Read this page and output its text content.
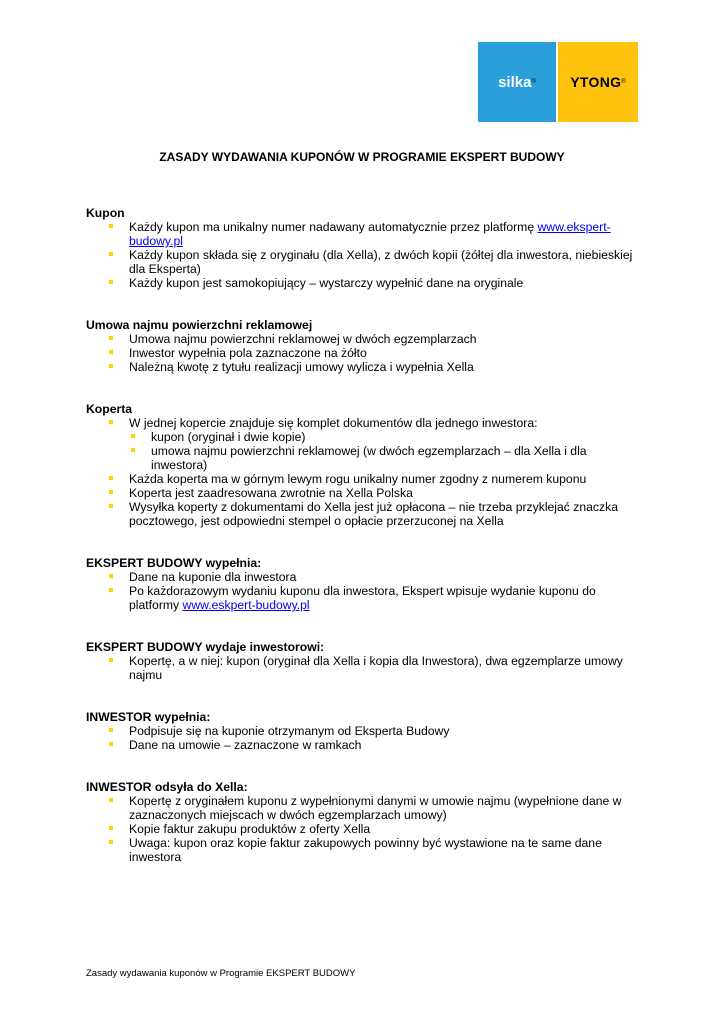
silka ® YTONG ®
ZASADY WYDAWANIA KUPONÓW W PROGRAMIE EKSPERT BUDOWY
Kupon
Każdy kupon ma unikalny numer nadawany automatycznie przez platformę www.ekspert-budowy.pl
Każdy kupon składa się z oryginału (dla Xella), z dwóch kopii (żółtej dla inwestora, niebieskiej dla Eksperta)
Każdy kupon jest samokopiujący – wystarczy wypełnić dane na oryginale
Umowa najmu powierzchni reklamowej
Umowa najmu powierzchni reklamowej w dwóch egzemplarzach
Inwestor wypełnia pola zaznaczone na żółto
Należną kwotę z tytułu realizacji umowy wylicza i wypełnia Xella
Koperta
W jednej kopercie znajduje się komplet dokumentów dla jednego inwestora:
kupon (oryginał i dwie kopie)
umowa najmu powierzchni reklamowej (w dwóch egzemplarzach – dla Xella i dla inwestora)
Każda koperta ma w górnym lewym rogu unikalny numer zgodny z numerem kuponu
Koperta jest zaadresowana zwrotnie na Xella Polska
Wysyłka koperty z dokumentami do Xella jest już opłacona – nie trzeba przyklejać znaczka pocztowego, jest odpowiedni stempel o opłacie przerzuconej na Xella
EKSPERT BUDOWY wypełnia:
Dane na kuponie dla inwestora
Po każdorazowym wydaniu kuponu dla inwestora, Ekspert wpisuje wydanie kuponu do platformy www.eskpert-budowy.pl
EKSPERT BUDOWY wydaje inwestorowi:
Kopertę, a w niej: kupon (oryginał dla Xella i kopia dla Inwestora), dwa egzemplarze umowy najmu
INWESTOR wypełnia:
Podpisuje się na kuponie otrzymanym od Eksperta Budowy
Dane na umowie – zaznaczone w ramkach
INWESTOR odsyła do Xella:
Kopertę z oryginałem kuponu z wypełnionymi danymi w umowie najmu (wypełnione dane w zaznaczonych miejscach w dwóch egzemplarzach umowy)
Kopie faktur zakupu produktów z oferty Xella
Uwaga: kupon oraz kopie faktur zakupowych powinny być wystawione na te same dane inwestora
Zasady wydawania kuponów w Programie EKSPERT BUDOWY
